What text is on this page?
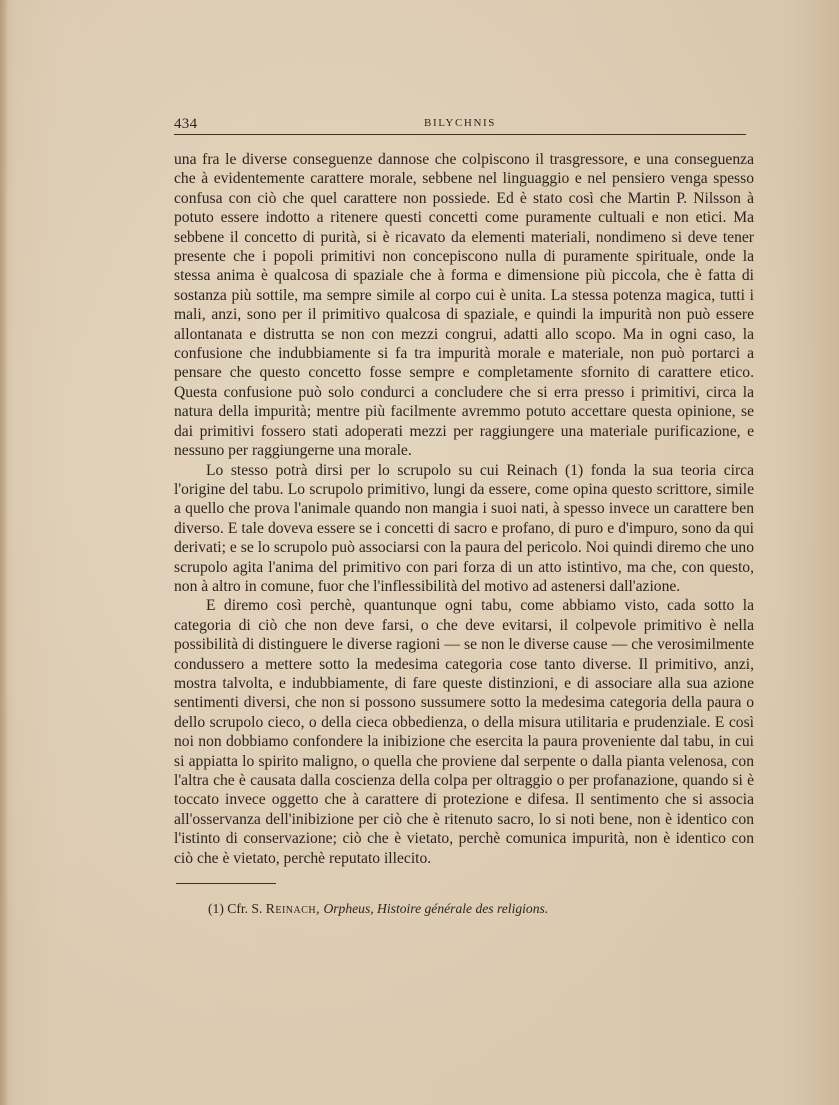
434	BILYCHNIS

una fra le diverse conseguenze dannose che colpiscono il trasgressore, e una conseguenza che à evidentemente carattere morale, sebbene nel linguaggio e nel pensiero venga spesso confusa con ciò che quel carattere non possiede. Ed è stato così che Martin P. Nilsson à potuto essere indotto a ritenere questi concetti come puramente cultuali e non etici. Ma sebbene il concetto di purità, si è ricavato da elementi materiali, nondimeno si deve tener presente che i popoli primitivi non concepiscono nulla di puramente spirituale, onde la stessa anima è qualcosa di spaziale che à forma e dimensione più piccola, che è fatta di sostanza più sottile, ma sempre simile al corpo cui è unita. La stessa potenza magica, tutti i mali, anzi, sono per il primitivo qualcosa di spaziale, e quindi la impurità non può essere allontanata e distrutta se non con mezzi congrui, adatti allo scopo. Ma in ogni caso, la confusione che indubbiamente si fa tra impurità morale e materiale, non può portarci a pensare che questo concetto fosse sempre e completamente sfornito di carattere etico. Questa confusione può solo condurci a concludere che si erra presso i primitivi, circa la natura della impurità; mentre più facilmente avremmo potuto accettare questa opinione, se dai primitivi fossero stati adoperati mezzi per raggiungere una materiale purificazione, e nessuno per raggiungerne una morale.

Lo stesso potrà dirsi per lo scrupolo su cui Reinach (1) fonda la sua teoria circa l'origine del tabu. Lo scrupolo primitivo, lungi da essere, come opina questo scrittore, simile a quello che prova l'animale quando non mangia i suoi nati, à spesso invece un carattere ben diverso. E tale doveva essere se i concetti di sacro e profano, di puro e d'impuro, sono da qui derivati; e se lo scrupolo può associarsi con la paura del pericolo. Noi quindi diremo che uno scrupolo agita l'anima del primitivo con pari forza di un atto istintivo, ma che, con questo, non à altro in comune, fuor che l'inflessibilità del motivo ad astenersi dall'azione.

E diremo così perchè, quantunque ogni tabu, come abbiamo visto, cada sotto la categoria di ciò che non deve farsi, o che deve evitarsi, il colpevole primitivo è nella possibilità di distinguere le diverse ragioni — se non le diverse cause — che verosimilmente condussero a mettere sotto la medesima categoria cose tanto diverse. Il primitivo, anzi, mostra talvolta, e indubbiamente, di fare queste distinzioni, e di associare alla sua azione sentimenti diversi, che non si possono sussumere sotto la medesima categoria della paura o dello scrupolo cieco, o della cieca obbedienza, o della misura utilitaria e prudenziale. E così noi non dobbiamo confondere la inibizione che esercita la paura proveniente dal tabu, in cui si appiatta lo spirito maligno, o quella che proviene dal serpente o dalla pianta velenosa, con l'altra che è causata dalla coscienza della colpa per oltraggio o per profanazione, quando si è toccato invece oggetto che à carattere di protezione e difesa. Il sentimento che si associa all'osservanza dell'inibizione per ciò che è ritenuto sacro, lo si noti bene, non è identico con l'istinto di conservazione; ciò che è vietato, perchè comunica impurità, non è identico con ciò che è vietato, perchè reputato illecito.

(1) Cfr. S. Reinach, Orpheus, Histoire générale des religions.
